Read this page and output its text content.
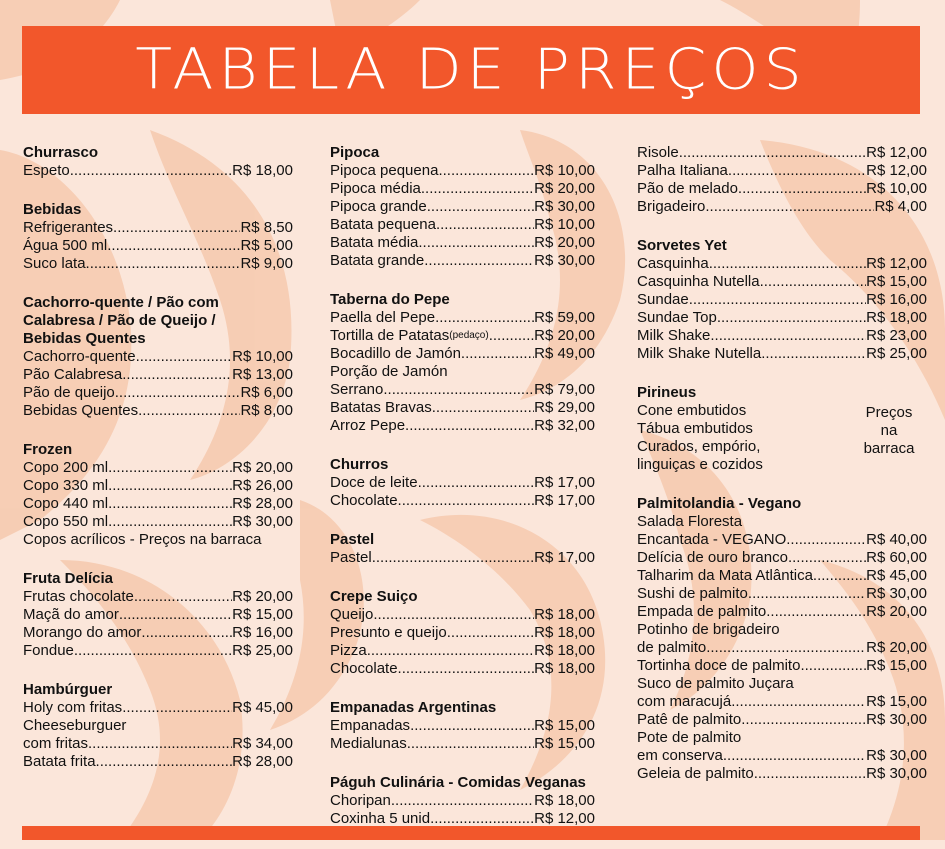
TABELA DE PREÇOS
Churrasco
Espeto .....	R$ 18,00
Bebidas
Refrigerantes .....	R$ 8,50
Água 500 ml .....	R$ 5,00
Suco lata .....	R$ 9,00
Cachorro-quente / Pão com
Calabresa / Pão de Queijo /
Bebidas Quentes
Cachorro-quente .....	R$ 10,00
Pão Calabresa .....	R$ 13,00
Pão de queijo .....	R$ 6,00
Bebidas Quentes .....	R$ 8,00
Frozen
Copo 200 ml .....	R$ 20,00
Copo 330 ml .....	R$ 26,00
Copo 440 ml .....	R$ 28,00
Copo 550 ml .....	R$ 30,00
Copos acrílicos - Preços na barraca
Fruta Delícia
Frutas chocolate .....	R$ 20,00
Maçã do amor .....	R$ 15,00
Morango do amor .....	R$ 16,00
Fondue .....	R$ 25,00
Hambúrguer
Holy com fritas .....	R$ 45,00
Cheeseburguer
com fritas .....	R$ 34,00
Batata frita .....	R$ 28,00
Pipoca
Pipoca pequena .....	R$ 10,00
Pipoca média .....	R$ 20,00
Pipoca grande .....	R$ 30,00
Batata pequena .....	R$ 10,00
Batata média .....	R$ 20,00
Batata grande .....	R$ 30,00
Taberna do Pepe
Paella del Pepe .....	R$ 59,00
Tortilla de Patatas (pedaço) .....	R$ 20,00
Bocadillo de Jamón .....	R$ 49,00
Porção de Jamón
Serrano .....	R$ 79,00
Batatas Bravas .....	R$ 29,00
Arroz Pepe .....	R$ 32,00
Churros
Doce de leite .....	R$ 17,00
Chocolate .....	R$ 17,00
Pastel
Pastel .....	R$ 17,00
Crepe Suiço
Queijo .....	R$ 18,00
Presunto e queijo .....	R$ 18,00
Pizza .....	R$ 18,00
Chocolate .....	R$ 18,00
Empanadas Argentinas
Empanadas .....	R$ 15,00
Medialunas .....	R$ 15,00
Páguh Culinária - Comidas Veganas
Choripan .....	R$ 18,00
Coxinha 5 unid .....	R$ 12,00
Risole .....	R$ 12,00
Palha Italiana .....	R$ 12,00
Pão de melado .....	R$ 10,00
Brigadeiro .....	R$ 4,00
Sorvetes Yet
Casquinha .....	R$ 12,00
Casquinha Nutella .....	R$ 15,00
Sundae .....	R$ 16,00
Sundae Top .....	R$ 18,00
Milk Shake .....	R$ 23,00
Milk Shake Nutella .....	R$ 25,00
Pirineus
Preços
na
barraca
Cone embutidos
Tábua embutidos
Curados, empório,
linguiças e cozidos
Palmitolandia - Vegano
Salada Floresta
Encantada - VEGANO .....	R$ 40,00
Delícia de ouro branco .....	R$ 60,00
Talharim da Mata Atlântica .....	R$ 45,00
Sushi de palmito .....	R$ 30,00
Empada de palmito .....	R$ 20,00
Potinho de brigadeiro
de palmito .....	R$ 20,00
Tortinha doce de palmito .....	R$ 15,00
Suco de palmito Juçara
com maracujá .....	R$ 15,00
Patê de palmito .....	R$ 30,00
Pote de palmito
em conserva .....	R$ 30,00
Geleia de palmito .....	R$ 30,00
